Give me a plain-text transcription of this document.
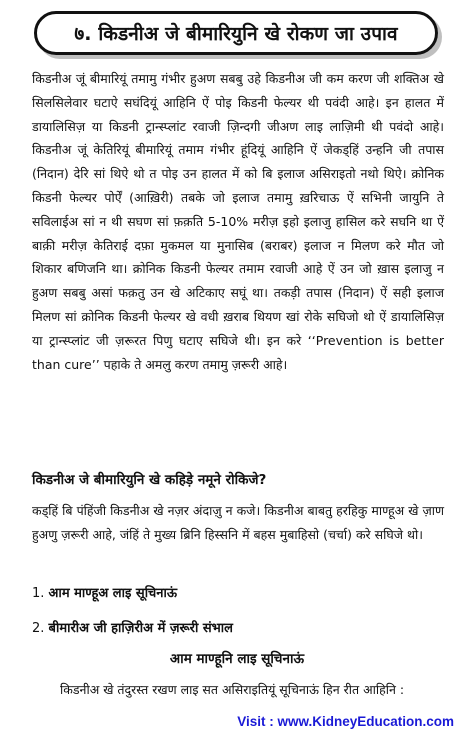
७. किडनीअ जे बीमारियुनि खे रोकण जा उपाव
किडनीअ जूं बीमारियूं तमामु गंभीर हुअण सबबु उहे किडनीअ जी कम करण जी शक्तिअ खे सिलसिलेवार घटाऐ सघंदियूं आहिनि ऐं पोइ किडनी फेल्यर थी पवंदी आहे। इन हालत में डायालिसिज़ या किडनी ट्रान्स्प्लांट रवाजी ज़िन्दगी जीअण लाइ लाज़िमी थी पवंदो आहे। किडनीअ जूं केतिरियूं बीमारियूं तमाम गंभीर हूंदियूं आहिनि ऐं जेकड्हिं उन्हनि जी तपास (निदान) देरि सां थिऐ थो त पोइ उन हालत में को बि इलाज असिराइतो नथो थिऐ। क्रोनिक किडनी फेल्यर पोर्ऐं (आख़िरी) तबके जो इलाज तमामु ख़रिचाऊ ऐं सभिनी जायुनि ते सविलाईअ सां न थी सघण सां फ़क़ति 5-10% मरीज़ इहो इलाजु हासिल करे सघनि था ऐं बाक़ी मरीज़ केतिराई दफ़ा मुकमल या मुनासिब (बराबर) इलाज न मिलण करे मौत जो शिकार बणिजनि था। क्रोनिक किडनी फेल्यर तमाम रवाजी आहे ऐं उन जो ख़ास इलाजु न हुअण सबबु असां फक़तु उन खे अटिकाए सघूं था। तकड़ी तपास (निदान) ऐं सही इलाज मिलण सां क्रोनिक किडनी फेल्यर खे वधी ख़राब थियण खां रोके सघिजो थो ऐं डायालिसिज़ या ट्रान्स्प्लांट जी ज़रूरत पिणु घटाए सघिजे थी। इन करे ‘‘Prevention is better than cure’’ पहाके ते अमलु करण तमामु ज़रूरी आहे।
किडनीअ जे बीमारियुनि खे कहिड़े नमूने रोकिजे?
कड्हिं बि पंहिंजी किडनीअ खे नज़र अंदाज़ु न कजे। किडनीअ बाबतु हरहिकु माण्हूअ खे ज़ाण हुअणु ज़रूरी आहे, जंहिं ते मुख्य ब्रिनि हिस्सनि में बहस मुबाहिसो (चर्चा) करे सघिजे थो।
1. आम माण्हूअ लाइ सूचिनाऊं
2. बीमारीअ जी हाज़िरीअ में ज़रूरी संभाल
आम माण्हूनि लाइ सूचिनाऊं
किडनीअ खे तंदुरस्त रखण लाइ सत असिराइतियूं सूचिनाऊं हिन रीत आहिनि :
Visit : www.KidneyEducation.com
